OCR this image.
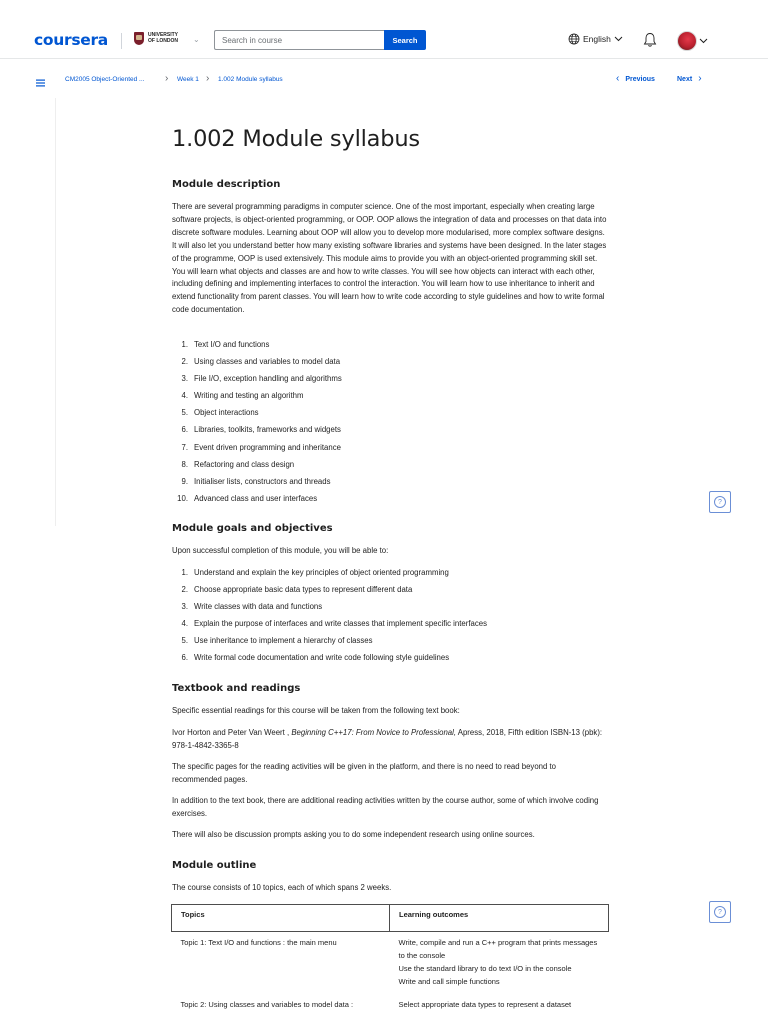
coursera	UNIVERSITY
OF LONDON	⌄
Search in course	Search	English
CM2005 Object-Oriented ... › Week 1 › 1.002 Module syllabus	‹ Previous	Next ›
1.002 Module syllabus
Module description
There are several programming paradigms in computer science. One of the most important, especially when creating large software projects, is object-oriented programming, or OOP. OOP allows the integration of data and processes on that data into discrete software modules. Learning about OOP will allow you to develop more modularised, more complex software designs. It will also let you understand better how many existing software libraries and systems have been designed. In the later stages of the programme, OOP is used extensively. This module aims to provide you with an object-oriented programming skill set. You will learn what objects and classes are and how to write classes. You will see how objects can interact with each other, including defining and implementing interfaces to control the interaction. You will learn how to use inheritance to inherit and extend functionality from parent classes. You will learn how to write code according to style guidelines and how to write formal code documentation.
1. Text I/O and functions
2. Using classes and variables to model data
3. File I/O, exception handling and algorithms
4. Writing and testing an algorithm
5. Object interactions
6. Libraries, toolkits, frameworks and widgets
7. Event driven programming and inheritance
8. Refactoring and class design
9. Initialiser lists, constructors and threads
10. Advanced class and user interfaces
Module goals and objectives
Upon successful completion of this module, you will be able to:
1. Understand and explain the key principles of object oriented programming
2. Choose appropriate basic data types to represent different data
3. Write classes with data and functions
4. Explain the purpose of interfaces and write classes that implement specific interfaces
5. Use inheritance to implement a hierarchy of classes
6. Write formal code documentation and write code following style guidelines
Textbook and readings
Specific essential readings for this course will be taken from the following text book:
Ivor Horton and Peter Van Weert , Beginning C++17: From Novice to Professional, Apress, 2018, Fifth edition ISBN-13 (pbk): 978-1-4842-3365-8
The specific pages for the reading activities will be given in the platform, and there is no need to read beyond to recommended pages.
In addition to the text book, there are additional reading activities written by the course author, some of which involve coding exercises.
There will also be discussion prompts asking you to do some independent research using online sources.
Module outline
The course consists of 10 topics, each of which spans 2 weeks.
Topics	Learning outcomes
Topic 1: Text I/O and functions : the main menu	Write, compile and run a C++ program that prints messages to the console
Use the standard library to do text I/O in the console
Write and call simple functions

Topic 2: Using classes and variables to model data :	Select appropriate data types to represent a dataset
?
?
